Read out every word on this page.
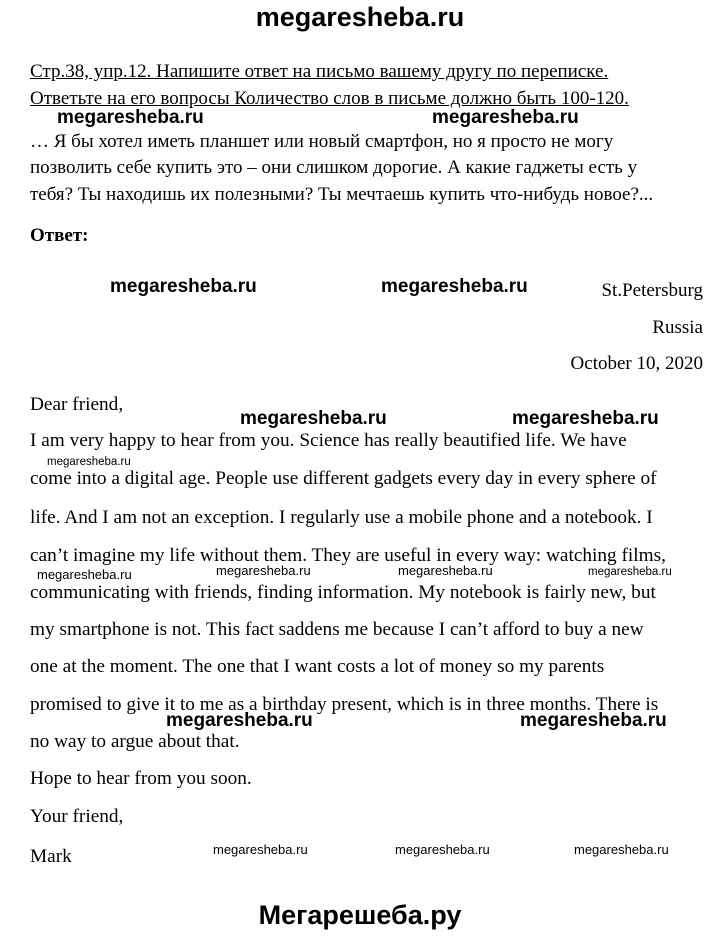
megaresheba.ru
Стр.38, упр.12. Напишите ответ на письмо вашему другу по переписке.
Ответьте на его вопросы Количество слов в письме должно быть 100-120.
… Я бы хотел иметь планшет или новый смартфон, но я просто не могу
позволить себе купить это – они слишком дорогие. А какие гаджеты есть у
тебя? Ты находишь их полезными? Ты мечтаешь купить что-нибудь новое?...
Ответ:
St.Petersburg
Russia
October 10, 2020
Dear friend,
I am very happy to hear from you. Science has really beautified life. We have
come into a digital age. People use different gadgets every day in every sphere of
life. And I am not an exception. I regularly use a mobile phone and a notebook. I
can’t imagine my life without them. They are useful in every way: watching films,
communicating with friends, finding information. My notebook is fairly new, but
my smartphone is not. This fact saddens me because I can’t afford to buy a new
one at the moment. The one that I want costs a lot of money so my parents
promised to give it to me as a birthday present, which is in three months. There is
no way to argue about that.
Hope to hear from you soon.
Your friend,
Mark
megaresheba.ru	megaresheba.ru
megaresheba.ru	megaresheba.ru
megaresheba.ru	megaresheba.ru
megaresheba.ru
megaresheba.ru	megaresheba.ru	megaresheba.ru	megaresheba.ru
megaresheba.ru	megaresheba.ru
megaresheba.ru	megaresheba.ru	megaresheba.ru
Мегарешеба.ру
